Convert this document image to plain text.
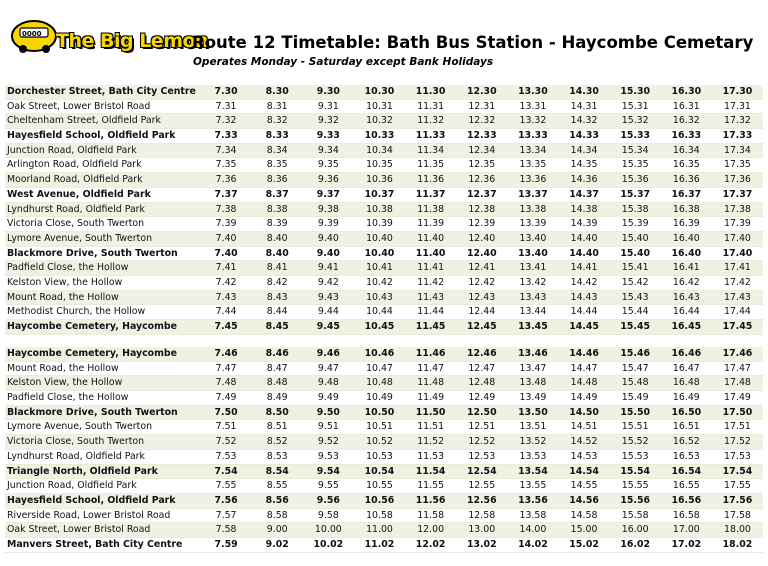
0000 The Big Lemon
Route 12 Timetable: Bath Bus Station - Haycombe Cemetary
Operates Monday - Saturday except Bank Holidays
Dorchester Street, Bath City Centre	7.30	8.30	9.30	10.30	11.30	12.30	13.30	14.30	15.30	16.30	17.30
Oak Street, Lower Bristol Road	7.31	8.31	9.31	10.31	11.31	12.31	13.31	14.31	15.31	16.31	17.31
Cheltenham Street, Oldfield Park	7.32	8.32	9.32	10.32	11.32	12.32	13.32	14.32	15.32	16.32	17.32
Hayesfield School, Oldfield Park	7.33	8.33	9.33	10.33	11.33	12.33	13.33	14.33	15.33	16.33	17.33
Junction Road, Oldfield Park	7.34	8.34	9.34	10.34	11.34	12.34	13.34	14.34	15.34	16.34	17.34
Arlington Road, Oldfield Park	7.35	8.35	9.35	10.35	11.35	12.35	13.35	14.35	15.35	16.35	17.35
Moorland Road, Oldfield Park	7.36	8.36	9.36	10.36	11.36	12.36	13.36	14.36	15.36	16.36	17.36
West Avenue, Oldfield Park	7.37	8.37	9.37	10.37	11.37	12.37	13.37	14.37	15.37	16.37	17.37
Lyndhurst Road, Oldfield Park	7.38	8.38	9.38	10.38	11.38	12.38	13.38	14.38	15.38	16.38	17.38
Victoria Close, South Twerton	7.39	8.39	9.39	10.39	11.39	12.39	13.39	14.39	15.39	16.39	17.39
Lymore Avenue, South Twerton	7.40	8.40	9.40	10.40	11.40	12.40	13.40	14.40	15.40	16.40	17.40
Blackmore Drive, South Twerton	7.40	8.40	9.40	10.40	11.40	12.40	13.40	14.40	15.40	16.40	17.40
Padfield Close, the Hollow	7.41	8.41	9.41	10.41	11.41	12.41	13.41	14.41	15.41	16.41	17.41
Kelston View, the Hollow	7.42	8.42	9.42	10.42	11.42	12.42	13.42	14.42	15.42	16.42	17.42
Mount Road, the Hollow	7.43	8.43	9.43	10.43	11.43	12.43	13.43	14.43	15.43	16.43	17.43
Methodist Church, the Hollow	7.44	8.44	9.44	10.44	11.44	12.44	13.44	14.44	15.44	16.44	17.44
Haycombe Cemetery, Haycombe	7.45	8.45	9.45	10.45	11.45	12.45	13.45	14.45	15.45	16.45	17.45
Haycombe Cemetery, Haycombe	7.46	8.46	9.46	10.46	11.46	12.46	13.46	14.46	15.46	16.46	17.46
Mount Road, the Hollow	7.47	8.47	9.47	10.47	11.47	12.47	13.47	14.47	15.47	16.47	17.47
Kelston View, the Hollow	7.48	8.48	9.48	10.48	11.48	12.48	13.48	14.48	15.48	16.48	17.48
Padfield Close, the Hollow	7.49	8.49	9.49	10.49	11.49	12.49	13.49	14.49	15.49	16.49	17.49
Blackmore Drive, South Twerton	7.50	8.50	9.50	10.50	11.50	12.50	13.50	14.50	15.50	16.50	17.50
Lymore Avenue, South Twerton	7.51	8.51	9.51	10.51	11.51	12.51	13.51	14.51	15.51	16.51	17.51
Victoria Close, South Twerton	7.52	8.52	9.52	10.52	11.52	12.52	13.52	14.52	15.52	16.52	17.52
Lyndhurst Road, Oldfield Park	7.53	8.53	9.53	10.53	11.53	12.53	13.53	14.53	15.53	16.53	17.53
Triangle North, Oldfield Park	7.54	8.54	9.54	10.54	11.54	12.54	13.54	14.54	15.54	16.54	17.54
Junction Road, Oldfield Park	7.55	8.55	9.55	10.55	11.55	12.55	13.55	14.55	15.55	16.55	17.55
Hayesfield School, Oldfield Park	7.56	8.56	9.56	10.56	11.56	12.56	13.56	14.56	15.56	16.56	17.56
Riverside Road, Lower Bristol Road	7.57	8.58	9.58	10.58	11.58	12.58	13.58	14.58	15.58	16.58	17.58
Oak Street, Lower Bristol Road	7.58	9.00	10.00	11.00	12.00	13.00	14.00	15.00	16.00	17.00	18.00
Manvers Street, Bath City Centre	7.59	9.02	10.02	11.02	12.02	13.02	14.02	15.02	16.02	17.02	18.02
